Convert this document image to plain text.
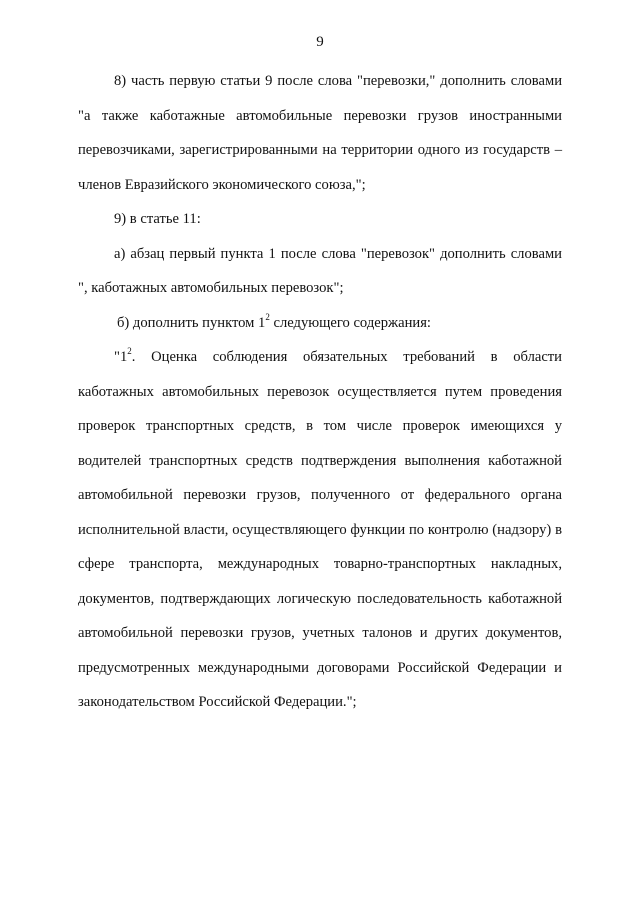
9

8) часть первую статьи 9 после слова "перевозки," дополнить словами "а также каботажные автомобильные перевозки грузов иностранными перевозчиками, зарегистрированными на территории одного из государств – членов Евразийского экономического союза,";

9) в статье 11:

а) абзац первый пункта 1 после слова "перевозок" дополнить словами ", каботажных автомобильных перевозок";

б) дополнить пунктом $1^2$ следующего содержания:

"$1^2$. Оценка соблюдения обязательных требований в области каботажных автомобильных перевозок осуществляется путем проведения проверок транспортных средств, в том числе проверок имеющихся у водителей транспортных средств подтверждения выполнения каботажной автомобильной перевозки грузов, полученного от федерального органа исполнительной власти, осуществляющего функции по контролю (надзору) в сфере транспорта, международных товарно-транспортных накладных, документов, подтверждающих логическую последовательность каботажной автомобильной перевозки грузов, учетных талонов и других документов, предусмотренных международными договорами Российской Федерации и законодательством Российской Федерации.";
